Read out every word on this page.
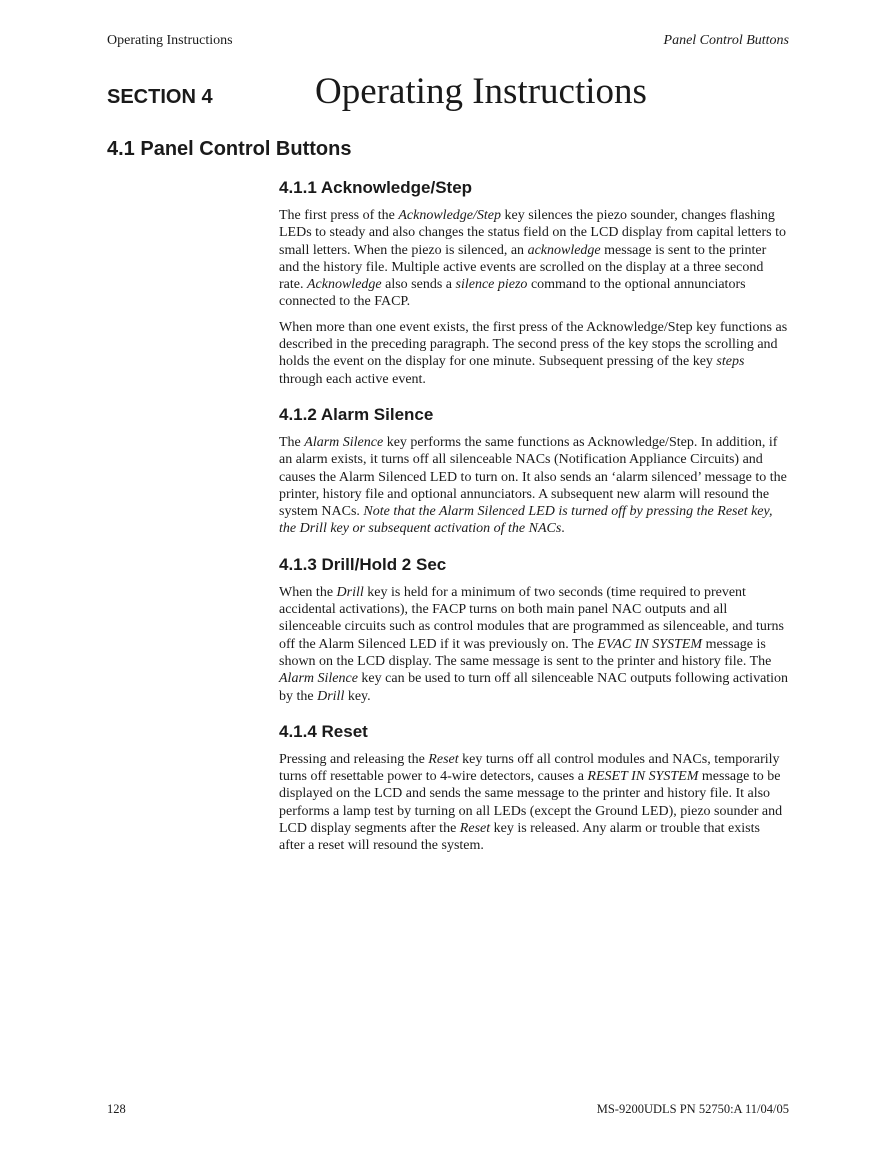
Operating Instructions	Panel Control Buttons
SECTION 4	Operating Instructions
4.1 Panel Control Buttons
4.1.1 Acknowledge/Step

The first press of the Acknowledge/Step key silences the piezo sounder, changes flashing LEDs to steady and also changes the status field on the LCD display from capital letters to small letters. When the piezo is silenced, an acknowledge message is sent to the printer and the history file. Multiple active events are scrolled on the display at a three second rate. Acknowledge also sends a silence piezo command to the optional annunciators connected to the FACP.

When more than one event exists, the first press of the Acknowledge/Step key functions as described in the preceding paragraph. The second press of the key stops the scrolling and holds the event on the display for one minute. Subsequent pressing of the key steps through each active event.

4.1.2 Alarm Silence

The Alarm Silence key performs the same functions as Acknowledge/Step. In addition, if an alarm exists, it turns off all silenceable NACs (Notification Appliance Circuits) and causes the Alarm Silenced LED to turn on. It also sends an ‘alarm silenced’ message to the printer, history file and optional annunciators. A subsequent new alarm will resound the system NACs. Note that the Alarm Silenced LED is turned off by pressing the Reset key, the Drill key or subsequent activation of the NACs.

4.1.3 Drill/Hold 2 Sec

When the Drill key is held for a minimum of two seconds (time required to prevent accidental activations), the FACP turns on both main panel NAC outputs and all silenceable circuits such as control modules that are programmed as silenceable, and turns off the Alarm Silenced LED if it was previously on. The EVAC IN SYSTEM message is shown on the LCD display. The same message is sent to the printer and history file. The Alarm Silence key can be used to turn off all silenceable NAC outputs following activation by the Drill key.

4.1.4 Reset

Pressing and releasing the Reset key turns off all control modules and NACs, temporarily turns off resettable power to 4-wire detectors, causes a RESET IN SYSTEM message to be displayed on the LCD and sends the same message to the printer and history file. It also performs a lamp test by turning on all LEDs (except the Ground LED), piezo sounder and LCD display segments after the Reset key is released. Any alarm or trouble that exists after a reset will resound the system.

128	MS-9200UDLS PN 52750:A 11/04/05
